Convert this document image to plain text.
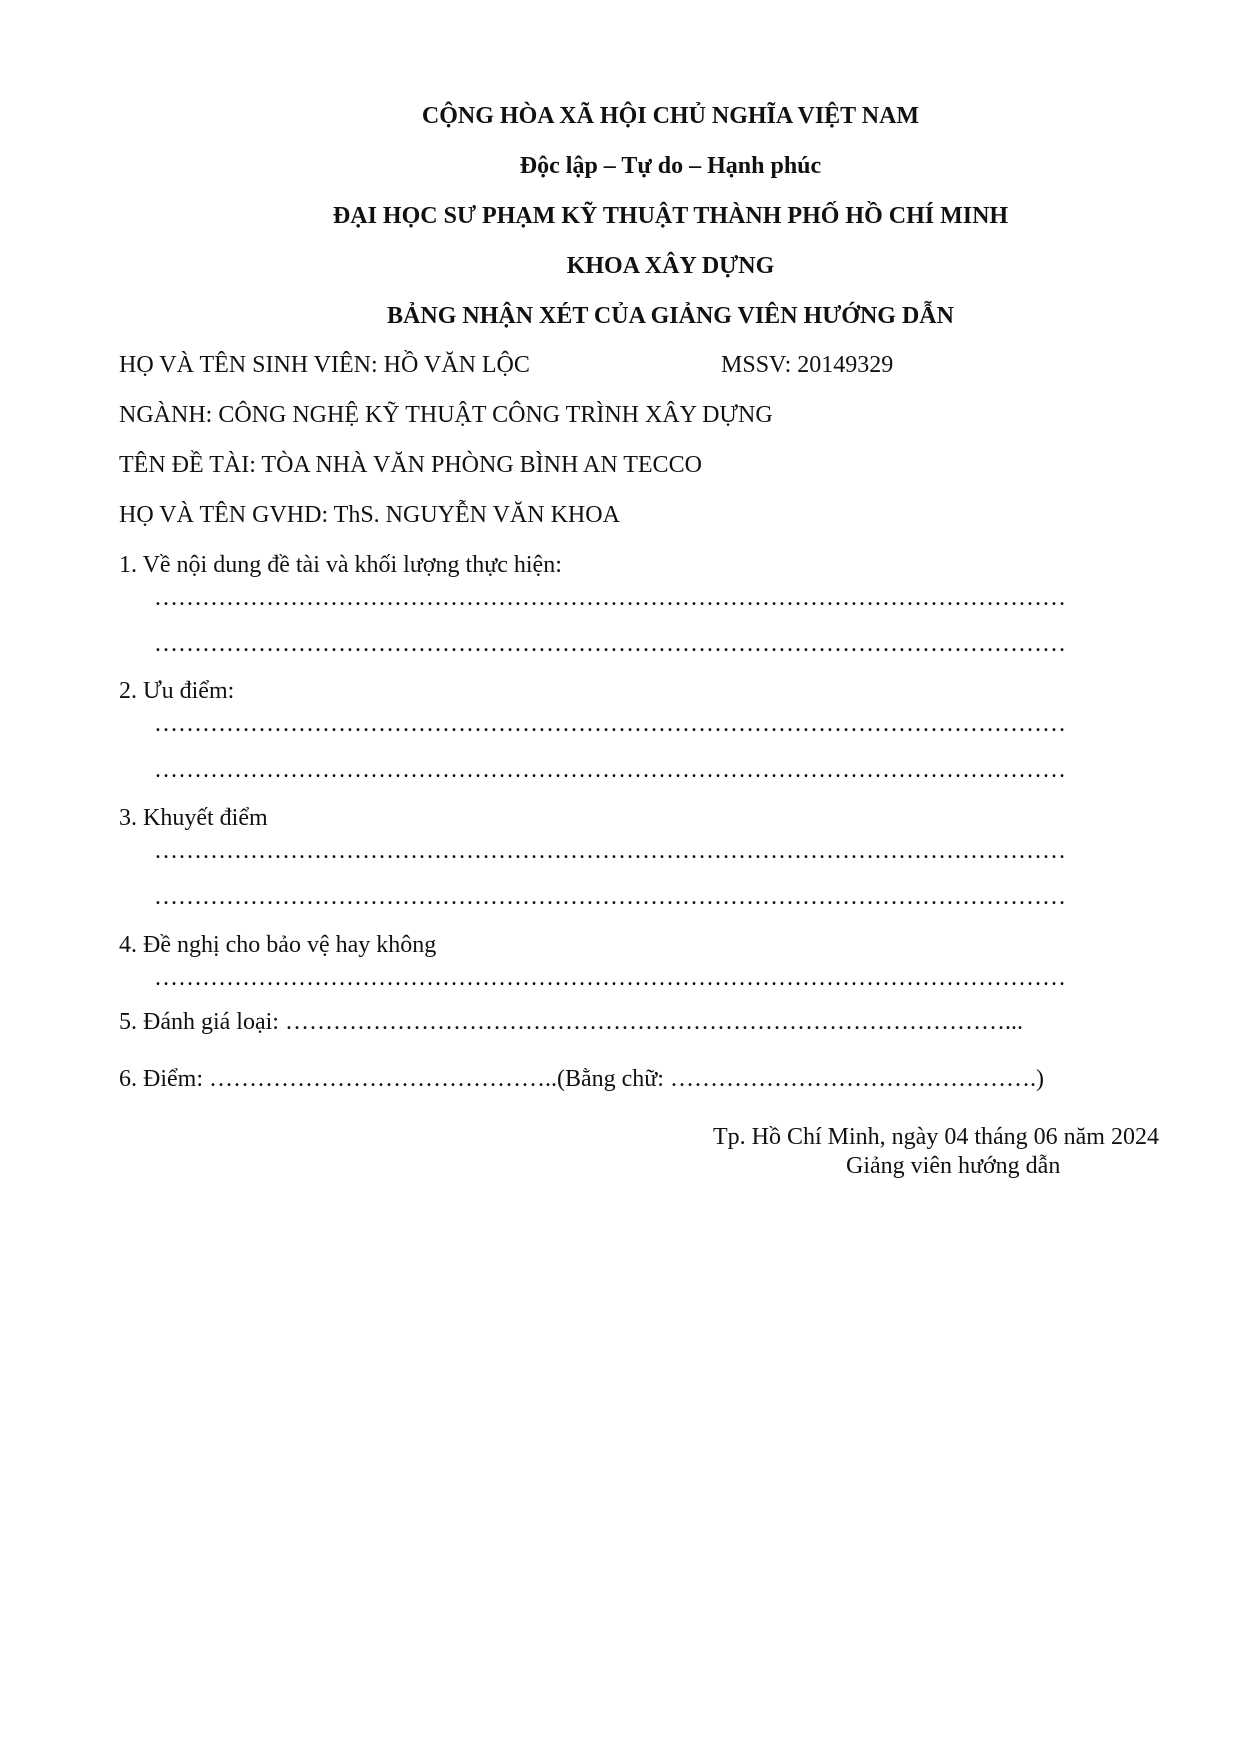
CỘNG HÒA XÃ HỘI CHỦ NGHĨA VIỆT NAM
Độc lập – Tự do – Hạnh phúc
ĐẠI HỌC SƯ PHẠM KỸ THUẬT THÀNH PHỐ HỒ CHÍ MINH
KHOA XÂY DỰNG
BẢNG NHẬN XÉT CỦA GIẢNG VIÊN HƯỚNG DẪN
HỌ VÀ TÊN SINH VIÊN: HỒ VĂN LỘC	MSSV: 20149329
NGÀNH: CÔNG NGHỆ KỸ THUẬT CÔNG TRÌNH XÂY DỰNG
TÊN ĐỀ TÀI: TÒA NHÀ VĂN PHÒNG BÌNH AN TECCO
HỌ VÀ TÊN GVHD: ThS. NGUYỄN VĂN KHOA
1. Về nội dung đề tài và khối lượng thực hiện:
……………………………………………………………………………………………………
……………………………………………………………………………………………………
2. Ưu điểm:
……………………………………………………………………………………………………
……………………………………………………………………………………………………
3. Khuyết điểm
……………………………………………………………………………………………………
……………………………………………………………………………………………………
4. Đề nghị cho bảo vệ hay không
……………………………………………………………………………………………………
5. Đánh giá loại: ………………………………………………………………………………...
6. Điểm: ……………………………………..(Bằng chữ: ……………………………………….)
Tp. Hồ Chí Minh, ngày 04 tháng 06 năm 2024
Giảng viên hướng dẫn
